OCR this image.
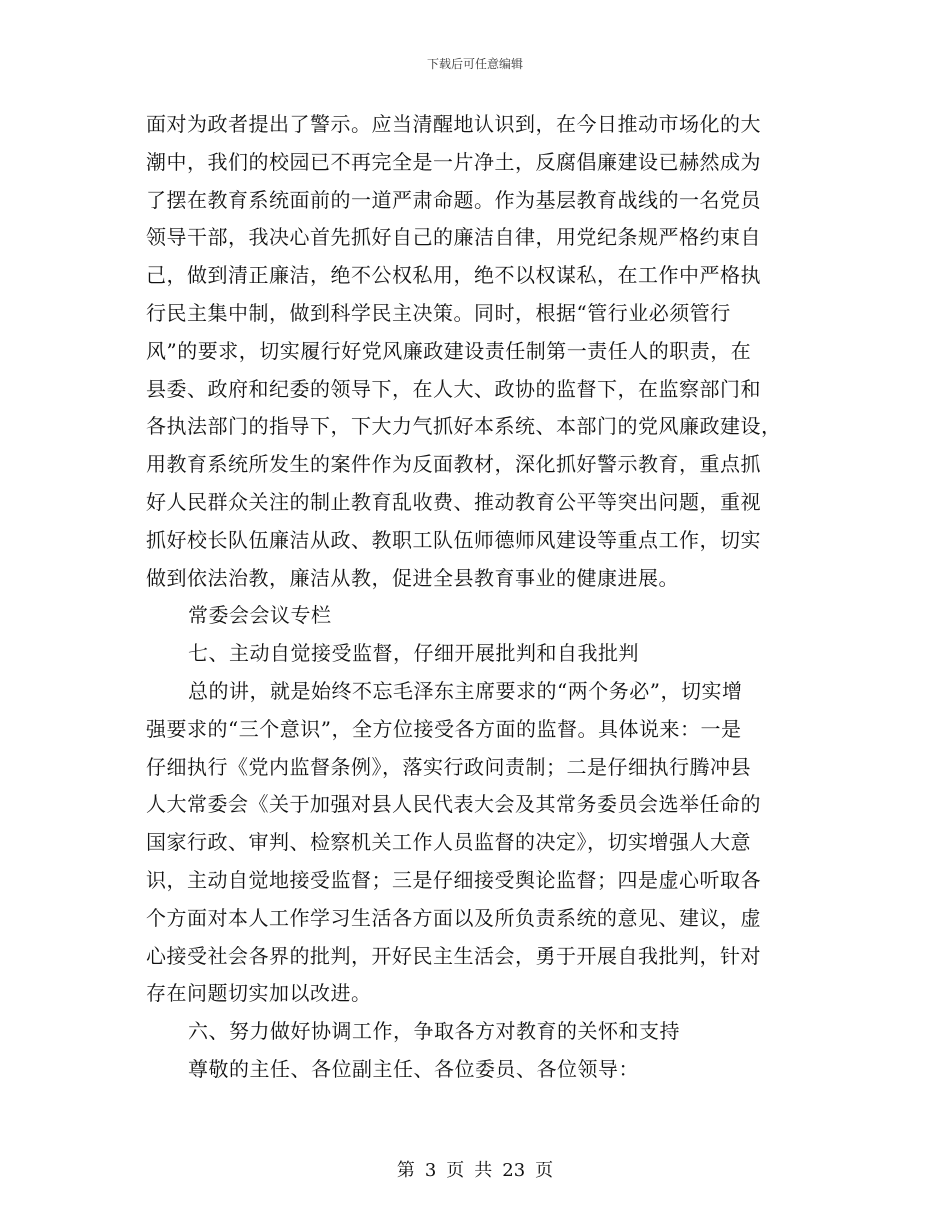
下载后可任意编辑
面对为政者提出了警示。应当清醒地认识到，在今日推动市场化的大
潮中，我们的校园已不再完全是一片净土，反腐倡廉建设已赫然成为
了摆在教育系统面前的一道严肃命题。作为基层教育战线的一名党员
领导干部，我决心首先抓好自己的廉洁自律，用党纪条规严格约束自
己，做到清正廉洁，绝不公权私用，绝不以权谋私，在工作中严格执
行民主集中制，做到科学民主决策。同时，根据“管行业必须管行
风”的要求，切实履行好党风廉政建设责任制第一责任人的职责，在
县委、政府和纪委的领导下，在人大、政协的监督下，在监察部门和
各执法部门的指导下，下大力气抓好本系统、本部门的党风廉政建设，
用教育系统所发生的案件作为反面教材，深化抓好警示教育，重点抓
好人民群众关注的制止教育乱收费、推动教育公平等突出问题，重视
抓好校长队伍廉洁从政、教职工队伍师德师风建设等重点工作，切实
做到依法治教，廉洁从教，促进全县教育事业的健康进展。
常委会会议专栏
七、主动自觉接受监督，仔细开展批判和自我批判
总的讲，就是始终不忘毛泽东主席要求的“两个务必”，切实增
强要求的“三个意识”，全方位接受各方面的监督。具体说来：一是
仔细执行《党内监督条例》，落实行政问责制；二是仔细执行腾冲县
人大常委会《关于加强对县人民代表大会及其常务委员会选举任命的
国家行政、审判、检察机关工作人员监督的决定》，切实增强人大意
识，主动自觉地接受监督；三是仔细接受舆论监督；四是虚心听取各
个方面对本人工作学习生活各方面以及所负责系统的意见、建议，虚
心接受社会各界的批判，开好民主生活会，勇于开展自我批判，针对
存在问题切实加以改进。
六、努力做好协调工作，争取各方对教育的关怀和支持
尊敬的主任、各位副主任、各位委员、各位领导：
第 3 页 共 23 页
